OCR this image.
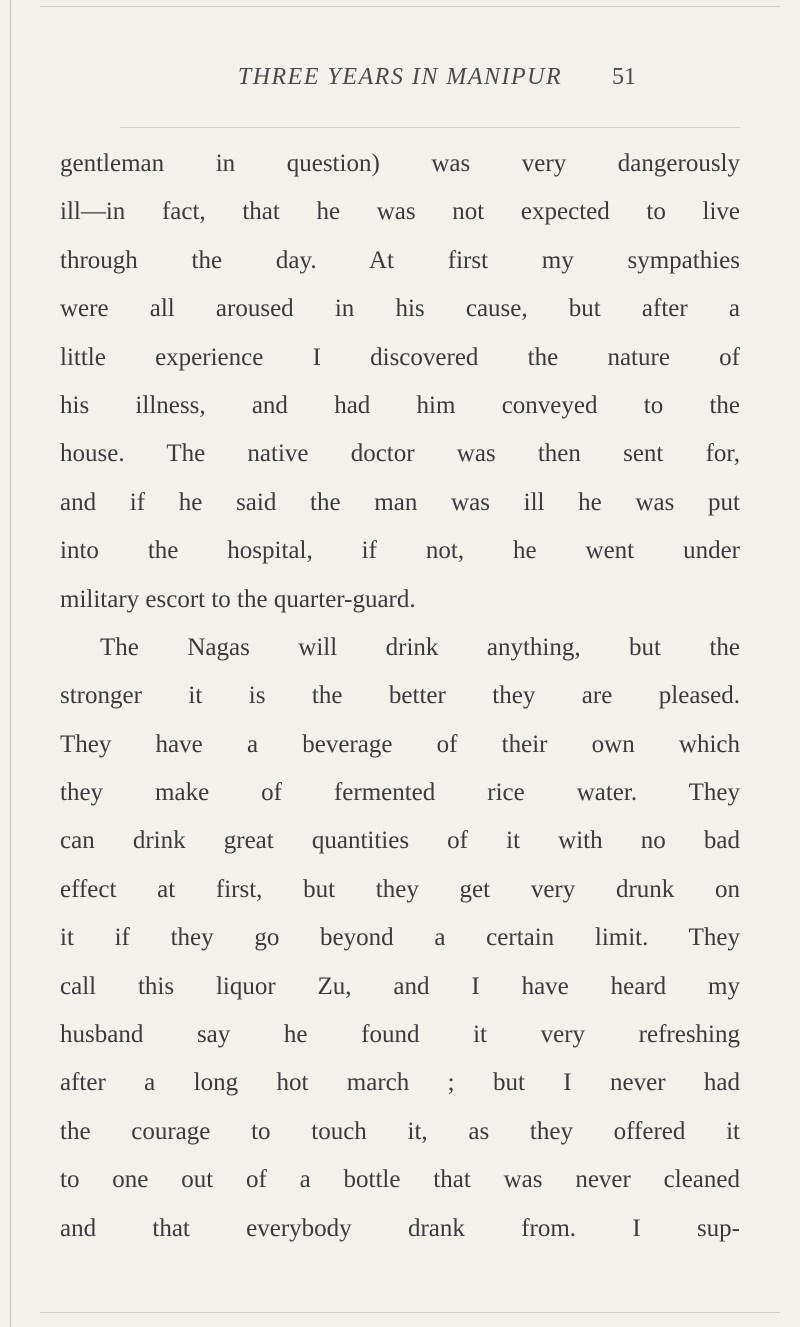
THREE YEARS IN MANIPUR	51
gentleman in question) was very dangerously
ill—in fact, that he was not expected to live
through the day. At first my sympathies
were all aroused in his cause, but after a
little experience I discovered the nature of
his illness, and had him conveyed to the
house. The native doctor was then sent for,
and if he said the man was ill he was put
into the hospital, if not, he went under
military escort to the quarter-guard.
The Nagas will drink anything, but the
stronger it is the better they are pleased.
They have a beverage of their own which
they make of fermented rice water. They
can drink great quantities of it with no bad
effect at first, but they get very drunk on
it if they go beyond a certain limit. They
call this liquor Zu, and I have heard my
husband say he found it very refreshing
after a long hot march ; but I never had
the courage to touch it, as they offered it
to one out of a bottle that was never cleaned
and that everybody drank from. I sup-
